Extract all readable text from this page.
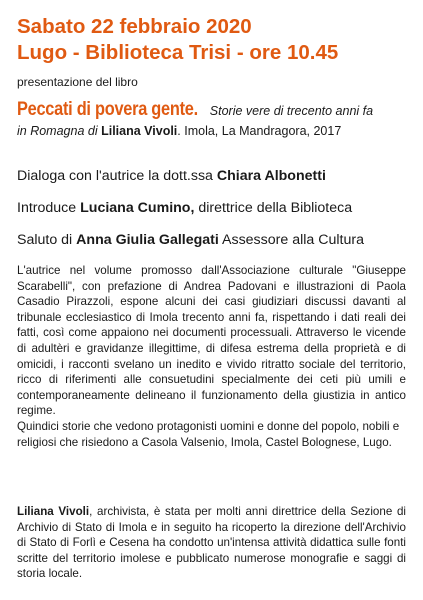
Sabato 22 febbraio 2020
Lugo - Biblioteca Trisi - ore 10.45
presentazione del libro
Peccati di povera gente. Storie vere di trecento anni fa
in Romagna di Liliana Vivoli. Imola, La Mandragora, 2017
Dialoga con l'autrice la dott.ssa Chiara Albonetti
Introduce Luciana Cumino, direttrice della Biblioteca
Saluto di Anna Giulia Gallegati Assessore alla Cultura
L'autrice nel volume promosso dall'Associazione culturale "Giuseppe Scarabelli", con prefazione di Andrea Padovani e illustrazioni di Paola Casadio Pirazzoli, espone alcuni dei casi giudiziari discussi davanti al tribunale ecclesiastico di Imola trecento anni fa, rispettando i dati reali dei fatti, così come appaiono nei documenti processuali. Attraverso le vicende di adultèri e gravidanze illegittime, di difesa estrema della proprietà e di omicidi, i racconti svelano un inedito e vivido ritratto sociale del territorio, ricco di riferimenti alle consuetudini specialmente dei ceti più umili e contemporaneamente delineano il funzionamento della giustizia in antico regime.
Quindici storie che vedono protagonisti uomini e donne del popolo, nobili e religiosi che risiedono a Casola Valsenio, Imola, Castel Bolognese, Lugo.
Liliana Vivoli, archivista, è stata per molti anni direttrice della Sezione di Archivio di Stato di Imola e in seguito ha ricoperto la direzione dell'Archivio di Stato di Forlì e Cesena ha condotto un'intensa attività didattica sulle fonti scritte del territorio imolese e pubblicato numerose monografie e saggi di storia locale.
